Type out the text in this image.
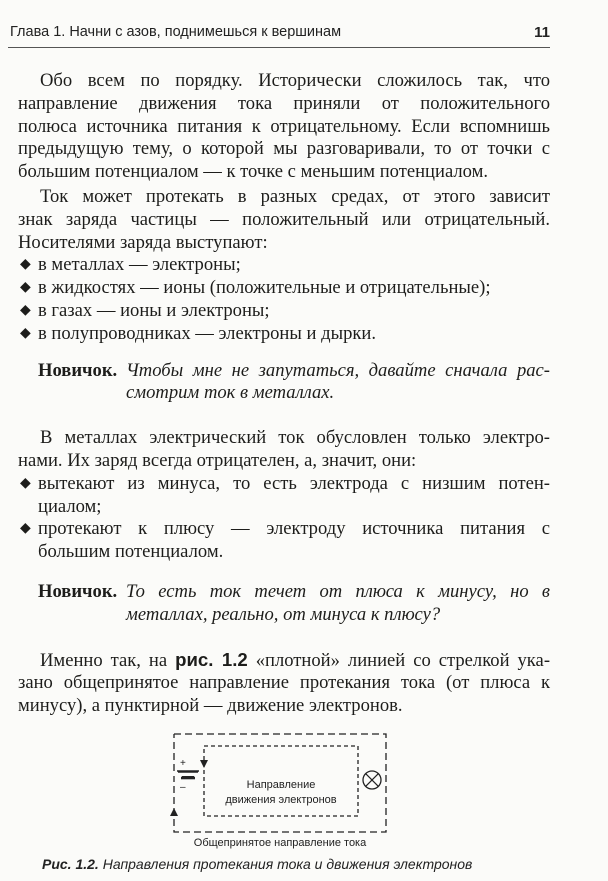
Глава 1. Начни с азов, поднимешься к вершинам	11

Обо всем по порядку. Исторически сложилось так, что
направление движения тока приняли от положительного
полюса источника питания к отрицательному. Если вспомнишь
предыдущую тему, о которой мы разговаривали, то от точки с
большим потенциалом — к точке с меньшим потенциалом.

Ток может протекать в разных средах, от этого зависит
знак заряда частицы — положительный или отрицательный.
Носителями заряда выступают:

◆ в металлах — электроны;
◆ в жидкостях — ионы (положительные и отрицательные);
◆ в газах — ионы и электроны;
◆ в полупроводниках — электроны и дырки.
Новичок. Чтобы мне не запутаться, давайте сначала рас-
смотрим ток в металлах.

В металлах электрический ток обусловлен только электро-
нами. Их заряд всегда отрицателен, а, значит, они:

◆ вытекают из минуса, то есть электрода с низшим потен-
циалом;
◆ протекают к плюсу — электроду источника питания с
большим потенциалом.
Новичок. То есть ток течет от плюса к минусу, но в
металлах, реально, от минуса к плюсу?

Именно так, на рис. 1.2 «плотной» линией со стрелкой ука-
зано общепринятое направление протекания тока (от плюса к
минусу), а пунктирной — движение электронов.

+
–	Направление
движения электронов
Общепринятое направление тока
Рис. 1.2. Направления протекания тока и движения электронов
